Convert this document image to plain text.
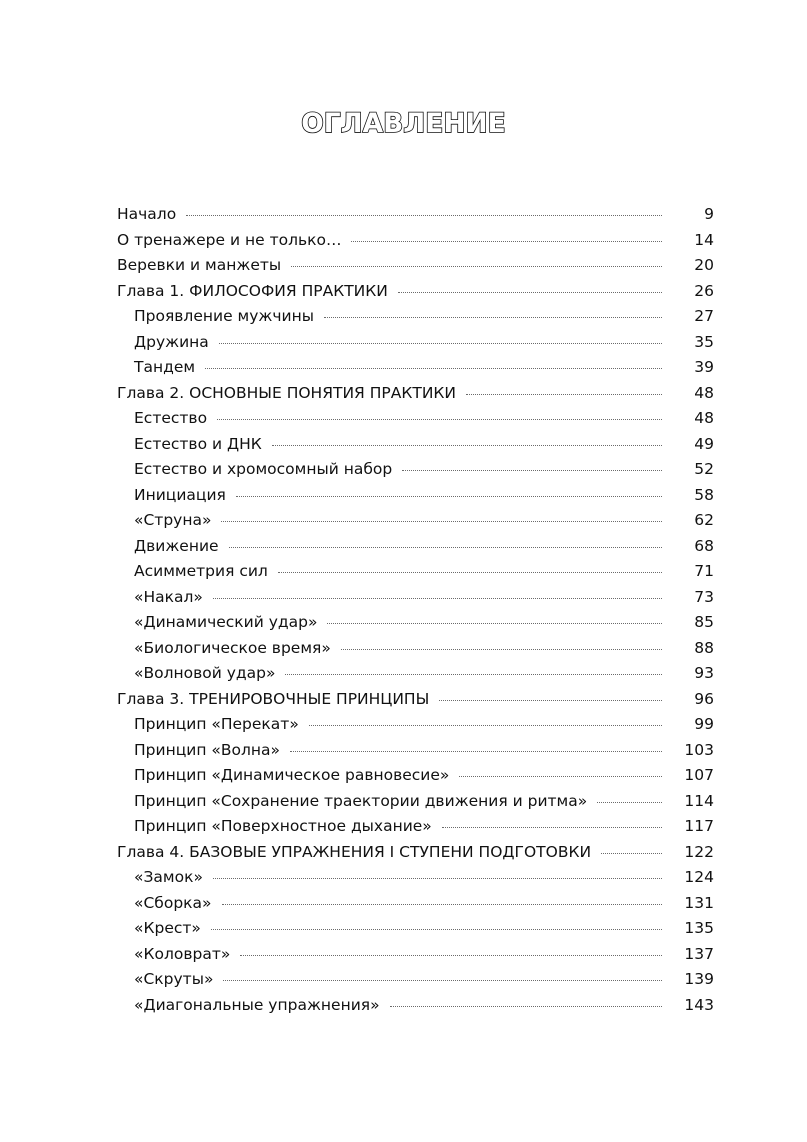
ОГЛАВЛЕНИЕ
Начало	9
О тренажере и не только…	14
Веревки и манжеты	20
Глава 1. ФИЛОСОФИЯ ПРАКТИКИ	26
Проявление мужчины	27
Дружина	35
Тандем	39
Глава 2. ОСНОВНЫЕ ПОНЯТИЯ ПРАКТИКИ	48
Естество	48
Естество и ДНК	49
Естество и хромосомный набор	52
Инициация	58
«Струна»	62
Движение	68
Асимметрия сил	71
«Накал»	73
«Динамический удар»	85
«Биологическое время»	88
«Волновой удар»	93
Глава 3. ТРЕНИРОВОЧНЫЕ ПРИНЦИПЫ	96
Принцип «Перекат»	99
Принцип «Волна»	103
Принцип «Динамическое равновесие»	107
Принцип «Сохранение траектории движения и ритма»	114
Принцип «Поверхностное дыхание»	117
Глава 4. БАЗОВЫЕ УПРАЖНЕНИЯ I СТУПЕНИ ПОДГОТОВКИ	122
«Замок»	124
«Сборка»	131
«Крест»	135
«Коловрат»	137
«Скруты»	139
«Диагональные упражнения»	143
